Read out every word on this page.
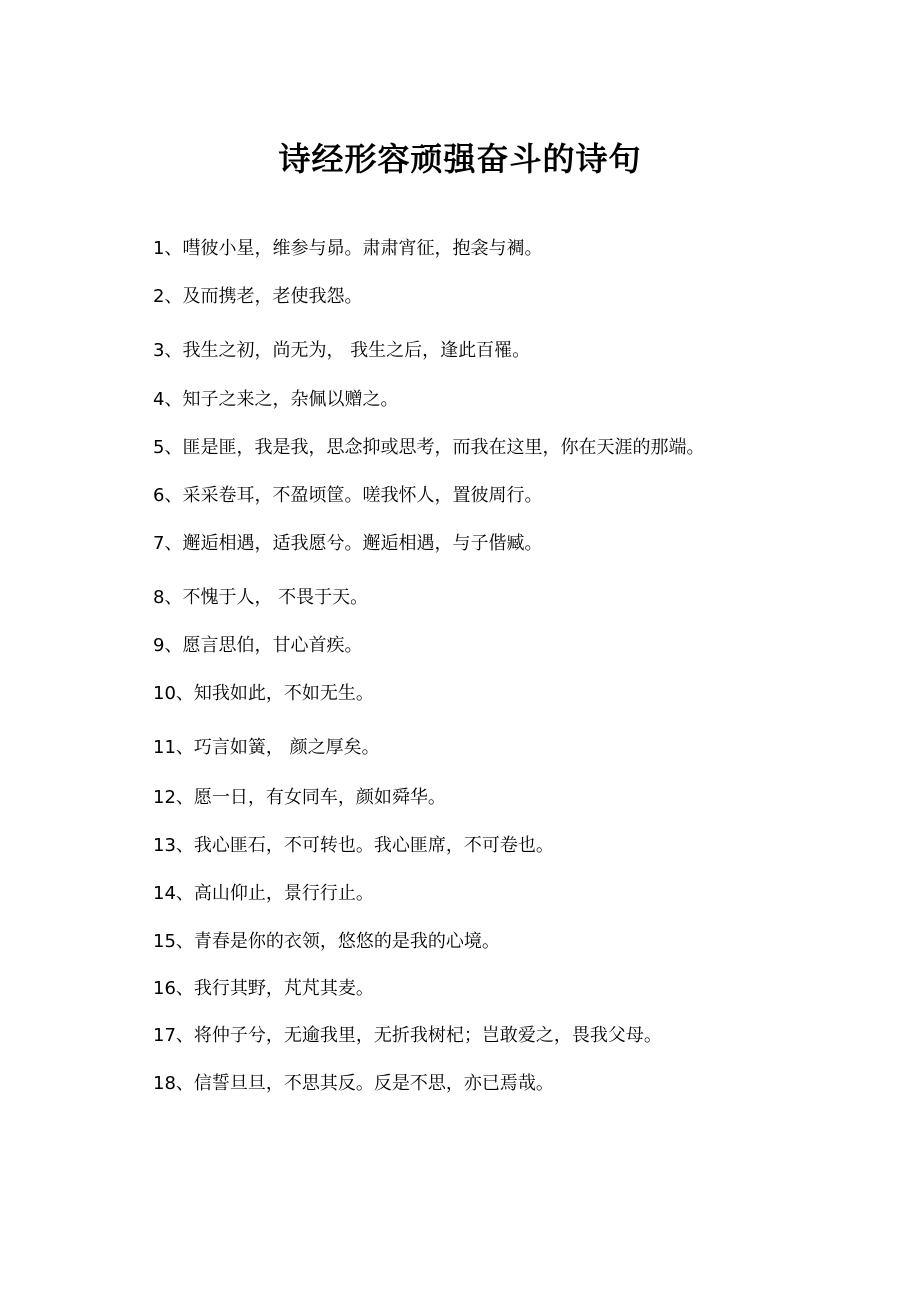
诗经形容顽强奋斗的诗句
1、嘒彼小星，维参与昴。肃肃宵征，抱衾与裯。
2、及而携老，老使我怨。
3、我生之初，尚无为， 我生之后，逢此百罹。
4、知子之来之，杂佩以赠之。
5、匪是匪，我是我，思念抑或思考，而我在这里，你在天涯的那端。
6、采采卷耳，不盈顷筐。嗟我怀人，置彼周行。
7、邂逅相遇，适我愿兮。邂逅相遇，与子偕臧。
8、不愧于人， 不畏于天。
9、愿言思伯，甘心首疾。
10、知我如此，不如无生。
11、巧言如簧， 颜之厚矣。
12、愿一日，有女同车，颜如舜华。
13、我心匪石，不可转也。我心匪席，不可卷也。
14、高山仰止，景行行止。
15、青春是你的衣领，悠悠的是我的心境。
16、我行其野，芃芃其麦。
17、将仲子兮，无逾我里，无折我树杞；岂敢爱之，畏我父母。
18、信誓旦旦，不思其反。反是不思，亦已焉哉。
